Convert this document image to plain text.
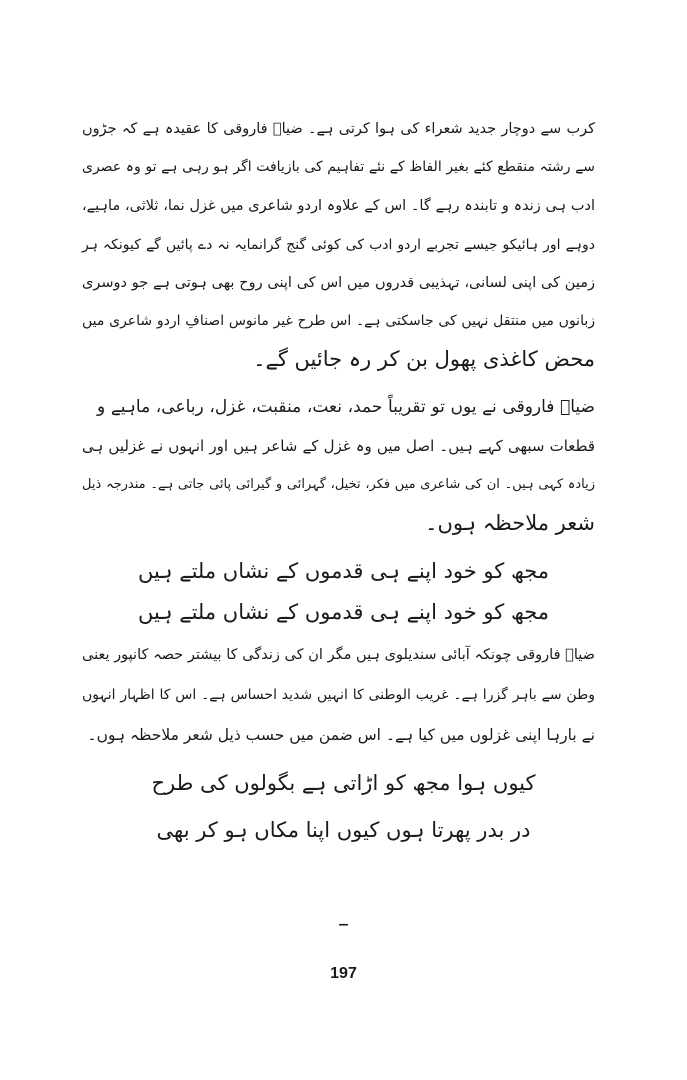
کرب سے دوچار جدید شعراء کی ہوا کرتی ہے۔ ضیاؔ فاروقی کا عقیدہ ہے کہ جڑوں
سے رشتہ منقطع کئے بغیر الفاظ کے نئے تفاہیم کی بازیافت اگر ہو رہی ہے تو وہ عصری
ادب ہی زندہ و تابندہ رہے گا۔ اس کے علاوہ اردو شاعری میں غزل نما، ثلاثی، ماہیے،
دوہے اور ہائیکو جیسے تجربے اردو ادب کی کوئی گنج گرانمایہ نہ دے پائیں گے کیونکہ ہر
زمین کی اپنی لسانی، تہذیبی قدروں میں اس کی اپنی روح بھی ہوتی ہے جو دوسری
زبانوں میں منتقل نہیں کی جاسکتی ہے۔ اس طرح غیر مانوس اصنافِ اردو شاعری میں
محض کاغذی پھول بن کر رہ جائیں گے۔
ضیاؔ فاروقی نے یوں تو تقریباً حمد، نعت، منقبت، غزل، رباعی، ماہیے و
قطعات سبھی کہے ہیں۔ اصل میں وہ غزل کے شاعر ہیں اور انہوں نے غزلیں ہی
زیادہ کہی ہیں۔ ان کی شاعری میں فکر، تخیل، گہرائی و گیرائی پائی جاتی ہے۔ مندرجہ ذیل
شعر ملاحظہ ہوں۔
مجھ کو خود اپنے ہی قدموں کے نشاں ملتے ہیں
مجھ کو خود اپنے ہی قدموں کے نشاں ملتے ہیں
ضیاؔ فاروقی چونکہ آبائی سندیلوی ہیں مگر ان کی زندگی کا بیشتر حصہ کانپور یعنی
وطن سے باہر گزرا ہے۔ غریب الوطنی کا انہیں شدید احساس ہے۔ اس کا اظہار انہوں
نے بارہا اپنی غزلوں میں کیا ہے۔ اس ضمن میں حسب ذیل شعر ملاحظہ ہوں۔
کیوں ہوا مجھ کو اڑاتی ہے بگولوں کی طرح
در بدر پھرتا ہوں کیوں اپنا مکاں ہو کر بھی
–
197
